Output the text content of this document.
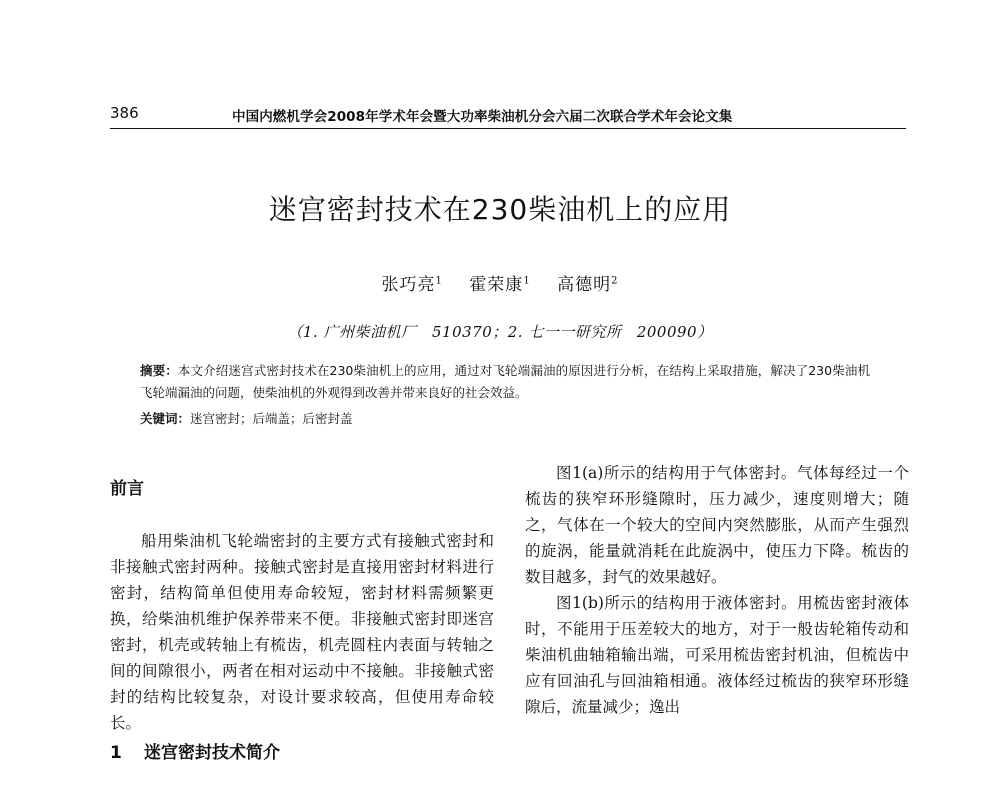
386	中国内燃机学会2008年学术年会暨大功率柴油机分会六届二次联合学术年会论文集
迷宫密封技术在230柴油机上的应用
张巧亮$^1$ 霍荣康$^1$ 高德明$^2$
（1. 广州柴油机厂　510370；2. 七一一研究所　200090）
摘要：本文介绍迷宫式密封技术在230柴油机上的应用，通过对飞轮端漏油的原因进行分析，在结构上采取措施，解决了230柴油机飞轮端漏油的问题，使柴油机的外观得到改善并带来良好的社会效益。
关键词：迷宫密封；后端盖；后密封盖
前言

船用柴油机飞轮端密封的主要方式有接触式密封和非接触式密封两种。接触式密封是直接用密封材料进行密封，结构简单但使用寿命较短，密封材料需频繁更换，给柴油机维护保养带来不便。非接触式密封即迷宫密封，机壳或转轴上有梳齿，机壳圆柱内表面与转轴之间的间隙很小，两者在相对运动中不接触。非接触式密封的结构比较复杂，对设计要求较高，但使用寿命较长。

1 迷宫密封技术简介

图1(a)所示的结构用于气体密封。气体每经过一个梳齿的狭窄环形缝隙时，压力减少，速度则增大；随之，气体在一个较大的空间内突然膨胀，从而产生强烈的旋涡，能量就消耗在此旋涡中，使压力下降。梳齿的数目越多，封气的效果越好。

图1(b)所示的结构用于液体密封。用梳齿密封液体时，不能用于压差较大的地方，对于一般齿轮箱传动和柴油机曲轴箱输出端，可采用梳齿密封机油，但梳齿中应有回油孔与回油箱相通。液体经过梳齿的狭窄环形缝隙后，流量减少；逸出
